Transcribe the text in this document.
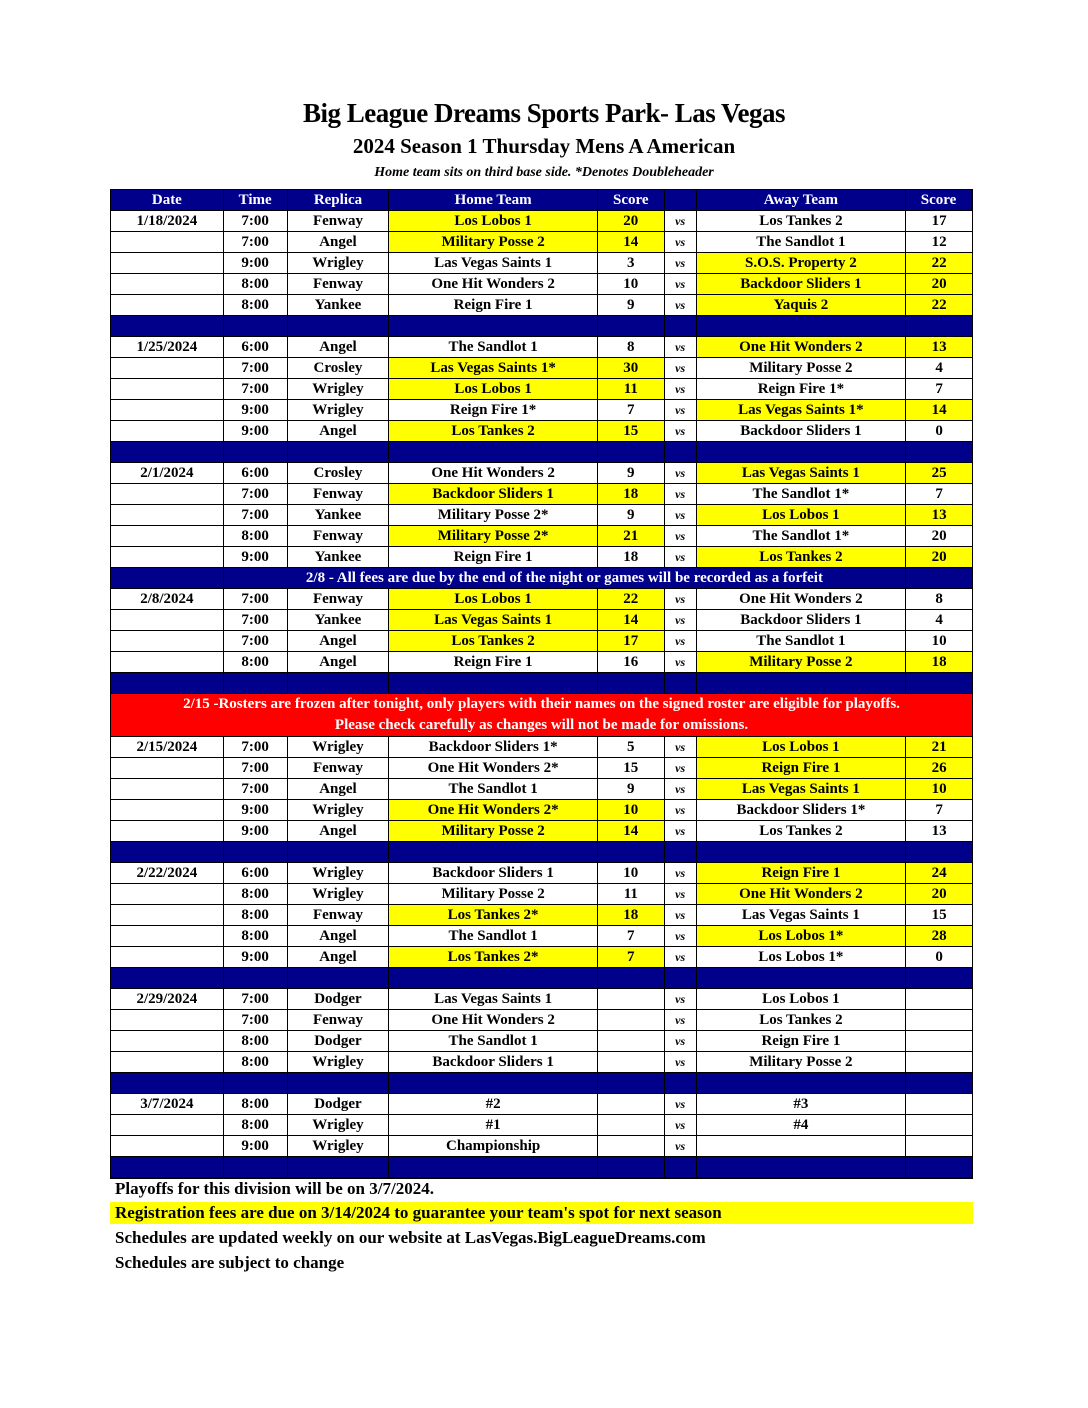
Big League Dreams Sports Park- Las Vegas
2024 Season 1 Thursday Mens A American
Home team sits on third base side. *Denotes Doubleheader
Date	Time	Replica	Home Team	Score	Away Team	Score
1/18/2024	7:00	Fenway	Los Lobos 1	20	vs	Los Tankes 2	17
7:00	Angel	Military Posse 2	14	vs	The Sandlot 1	12
9:00	Wrigley	Las Vegas Saints 1	3	vs	S.O.S. Property 2	22
8:00	Fenway	One Hit Wonders 2	10	vs	Backdoor Sliders 1	20
8:00	Yankee	Reign Fire 1	9	vs	Yaquis 2	22
1/25/2024	6:00	Angel	The Sandlot 1	8	vs	One Hit Wonders 2	13
7:00	Crosley	Las Vegas Saints 1*	30	vs	Military Posse 2	4
7:00	Wrigley	Los Lobos 1	11	vs	Reign Fire 1*	7
9:00	Wrigley	Reign Fire 1*	7	vs	Las Vegas Saints 1*	14
9:00	Angel	Los Tankes 2	15	vs	Backdoor Sliders 1	0
2/1/2024	6:00	Crosley	One Hit Wonders 2	9	vs	Las Vegas Saints 1	25
7:00	Fenway	Backdoor Sliders 1	18	vs	The Sandlot 1*	7
7:00	Yankee	Military Posse 2*	9	vs	Los Lobos 1	13
8:00	Fenway	Military Posse 2*	21	vs	The Sandlot 1*	20
9:00	Yankee	Reign Fire 1	18	vs	Los Tankes 2	20
2/8 - All fees are due by the end of the night or games will be recorded as a forfeit
2/8/2024	7:00	Fenway	Los Lobos 1	22	vs	One Hit Wonders 2	8
7:00	Yankee	Las Vegas Saints 1	14	vs	Backdoor Sliders 1	4
7:00	Angel	Los Tankes 2	17	vs	The Sandlot 1	10
8:00	Angel	Reign Fire 1	16	vs	Military Posse 2	18
2/15 -Rosters are frozen after tonight, only players with their names on the signed roster are eligible for playoffs.
Please check carefully as changes will not be made for omissions.
2/15/2024	7:00	Wrigley	Backdoor Sliders 1*	5	vs	Los Lobos 1	21
7:00	Fenway	One Hit Wonders 2*	15	vs	Reign Fire 1	26
7:00	Angel	The Sandlot 1	9	vs	Las Vegas Saints 1	10
9:00	Wrigley	One Hit Wonders 2*	10	vs	Backdoor Sliders 1*	7
9:00	Angel	Military Posse 2	14	vs	Los Tankes 2	13
2/22/2024	6:00	Wrigley	Backdoor Sliders 1	10	vs	Reign Fire 1	24
8:00	Wrigley	Military Posse 2	11	vs	One Hit Wonders 2	20
8:00	Fenway	Los Tankes 2*	18	vs	Las Vegas Saints 1	15
8:00	Angel	The Sandlot 1	7	vs	Los Lobos 1*	28
9:00	Angel	Los Tankes 2*	7	vs	Los Lobos 1*	0
2/29/2024	7:00	Dodger	Las Vegas Saints 1	vs	Los Lobos 1
7:00	Fenway	One Hit Wonders 2	vs	Los Tankes 2
8:00	Dodger	The Sandlot 1	vs	Reign Fire 1
8:00	Wrigley	Backdoor Sliders 1	vs	Military Posse 2
3/7/2024	8:00	Dodger	#2	vs	#3
8:00	Wrigley	#1	vs	#4
9:00	Wrigley	Championship	vs
Playoffs for this division will be on 3/7/2024.
Registration fees are due on 3/14/2024 to guarantee your team's spot for next season
Schedules are updated weekly on our website at LasVegas.BigLeagueDreams.com
Schedules are subject to change
